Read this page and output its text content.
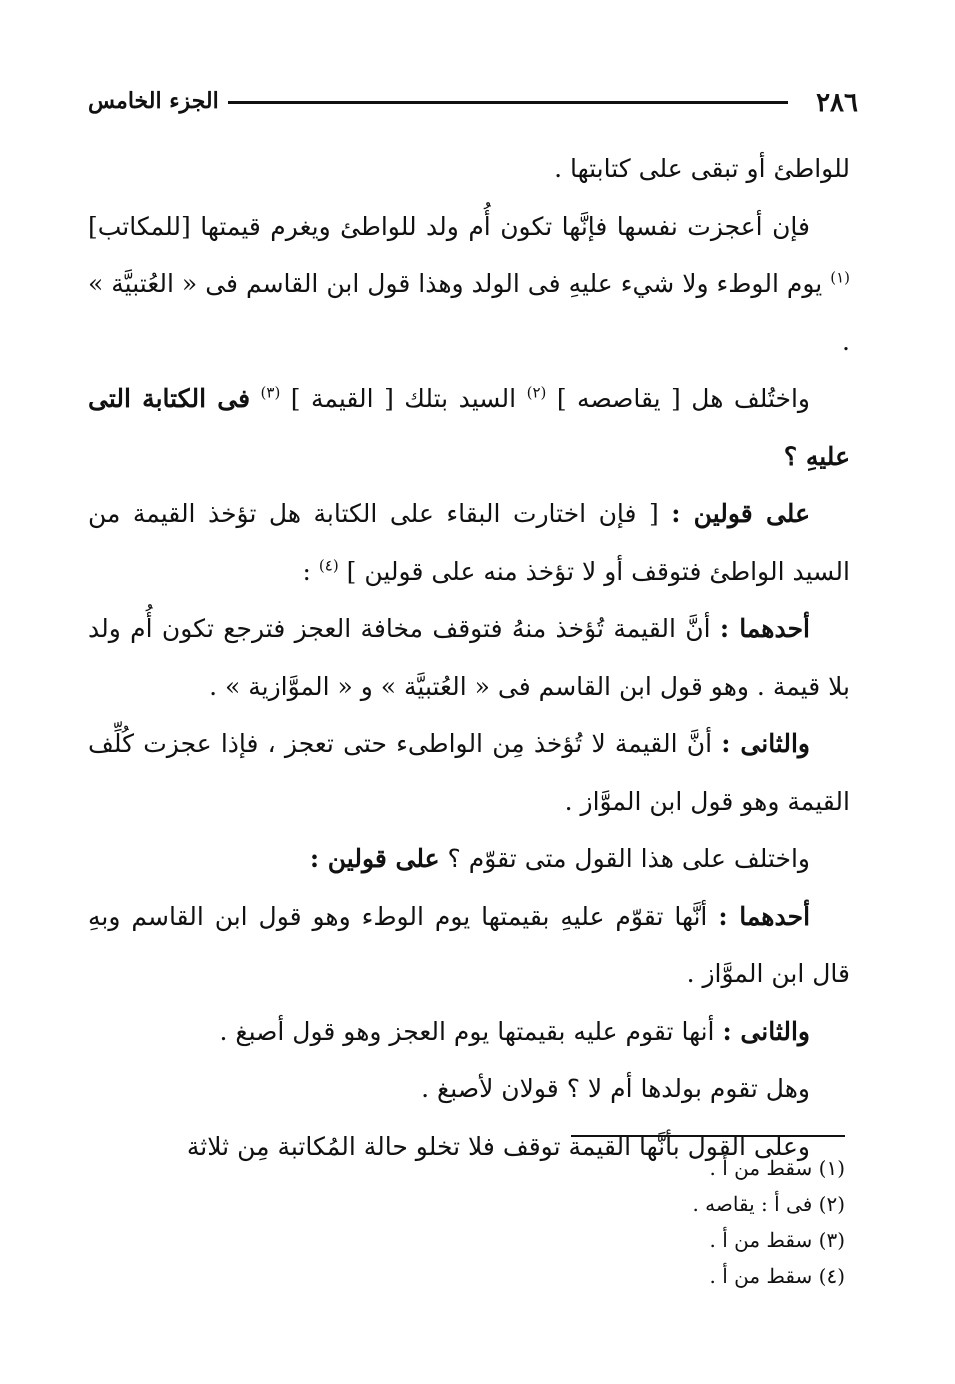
٢٨٦
الجزء الخامس

للواطئ أو تبقى على كتابتها .

فإن أعجزت نفسها فإنَّها تكون أُم ولد للواطئ ويغرم قيمتها [للمكاتب] $^{(١)}$ يوم الوطء ولا شيء عليهِ فى الولد وهذا قول ابن القاسم فى « العُتبيَّة » .

واختُلف هل [ يقاصصه ] $^{(٢)}$ السيد بتلك [ القيمة ] $^{(٣)}$ فى الكتابة التى عليهِ ؟

على قولين : [ فإن اختارت البقاء على الكتابة هل تؤخذ القيمة من السيد الواطئ فتوقف أو لا تؤخذ منه على قولين ] $^{(٤)}$ :

أحدهما : أنَّ القيمة تُؤخذ منهُ فتوقف مخافة العجز فترجع تكون أُم ولد بلا قيمة . وهو قول ابن القاسم فى « العُتبيَّة » و « الموَّازية » .

والثانى : أنَّ القيمة لا تُؤخذ مِن الواطىء حتى تعجز ، فإذا عجزت كُلِّف القيمة وهو قول ابن الموَّاز .

واختلف على هذا القول متى تقوّم ؟ على قولين :

أحدهما : أنَّها تقوّم عليهِ بقيمتها يوم الوطء وهو قول ابن القاسم وبهِ قال ابن الموَّاز .

والثانى : أنها تقوم عليه بقيمتها يوم العجز وهو قول أصبغ .

وهل تقوم بولدها أم لا ؟ قولان لأصبغ .

وعلى القول بأنَّها القيمة توقف فلا تخلو حالة المُكاتبة مِن ثلاثة

(١) سقط من أ .
(٢) فى أ : يقاصه .
(٣) سقط من أ .
(٤) سقط من أ .
